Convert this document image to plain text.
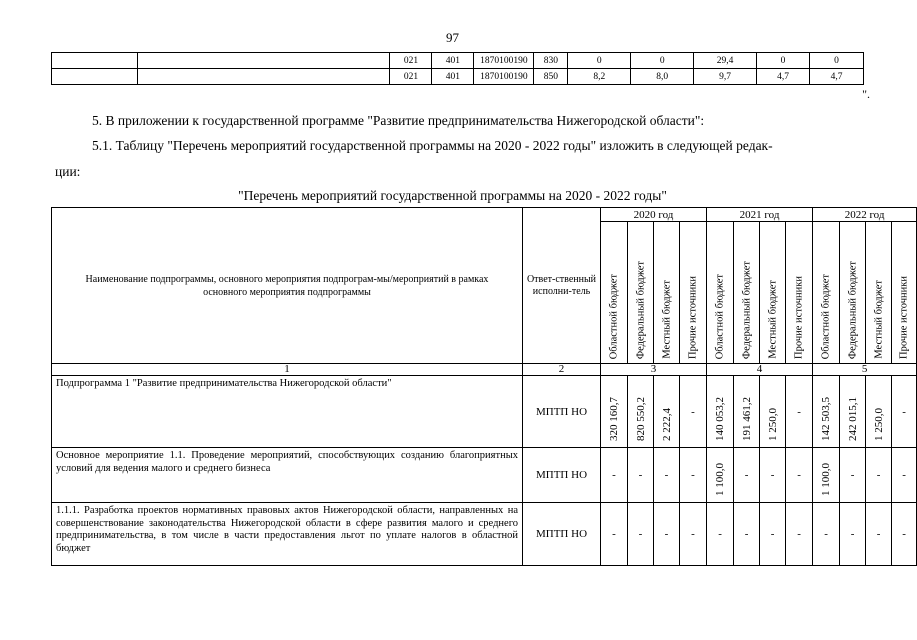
97
		021	401	1870100190	830	0	0	29,4	0	0
		021	401	1870100190	850	8,2	8,0	9,7	4,7	4,7
".
5. В приложении к государственной программе "Развитие предпринимательства Нижегородской области":
5.1. Таблицу "Перечень мероприятий государственной программы на 2020 - 2022 годы" изложить в следующей редак-
ции:
"Перечень мероприятий государственной программы на 2020 - 2022 годы"
Наименование подпрограммы, основного мероприятия подпрограм-мы/мероприятий в рамках основного мероприятия подпрограммы	Ответ-ственный исполни-тель	2020 год				2021 год				2022 год			

		Областной бюджет	Федеральный бюджет	Местный бюджет	Прочие источники	Областной бюджет	Федеральный бюджет	Местный бюджет	Прочие источники	Областной бюджет	Федеральный бюджет	Местный бюджет	Прочие источники

1	2	3				4				5			
Подпрограмма 1 "Развитие предпринимательства Нижегородской области"	МПТП НО	320 160,7	820 550,2	2 222,4	-	140 053,2	191 461,2	1 250,0	-	142 503,5	242 015,1	1 250,0	-
Основное мероприятие 1.1. Проведение мероприятий, способствующих созданию благоприятных условий для ведения малого и среднего бизнеса	МПТП НО	-	-	-	-	1 100,0	-	-	-	1 100,0	-	-	-
1.1.1. Разработка проектов нормативных правовых актов Нижегородской области, направленных на совершенствование законодательства Нижегородской области в сфере развития малого и среднего предпринимательства, в том числе в части предоставления льгот по уплате налогов в областной бюджет	МПТП НО	-	-	-	-	-	-	-	-	-	-	-	-
